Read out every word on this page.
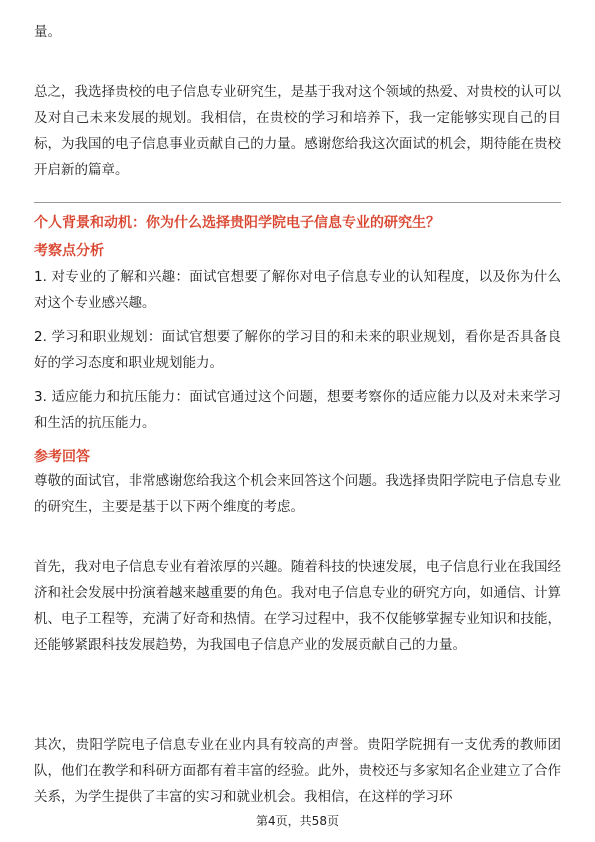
量。

总之，我选择贵校的电子信息专业研究生，是基于我对这个领域的热爱、对贵校的认可以及对自己未来发展的规划。我相信，在贵校的学习和培养下，我一定能够实现自己的目标，为我国的电子信息事业贡献自己的力量。感谢您给我这次面试的机会，期待能在贵校开启新的篇章。

个人背景和动机：你为什么选择贵阳学院电子信息专业的研究生？

考察点分析

1. 对专业的了解和兴趣：面试官想要了解你对电子信息专业的认知程度，以及你为什么对这个专业感兴趣。

2. 学习和职业规划：面试官想要了解你的学习目的和未来的职业规划，看你是否具备良好的学习态度和职业规划能力。

3. 适应能力和抗压能力：面试官通过这个问题，想要考察你的适应能力以及对未来学习和生活的抗压能力。

参考回答

尊敬的面试官，非常感谢您给我这个机会来回答这个问题。我选择贵阳学院电子信息专业的研究生，主要是基于以下两个维度的考虑。

首先，我对电子信息专业有着浓厚的兴趣。随着科技的快速发展，电子信息行业在我国经济和社会发展中扮演着越来越重要的角色。我对电子信息专业的研究方向，如通信、计算机、电子工程等，充满了好奇和热情。在学习过程中，我不仅能够掌握专业知识和技能，还能够紧跟科技发展趋势，为我国电子信息产业的发展贡献自己的力量。

其次，贵阳学院电子信息专业在业内具有较高的声誉。贵阳学院拥有一支优秀的教师团队，他们在教学和科研方面都有着丰富的经验。此外，贵校还与多家知名企业建立了合作关系，为学生提供了丰富的实习和就业机会。我相信，在这样的学习环

第4页，共58页
